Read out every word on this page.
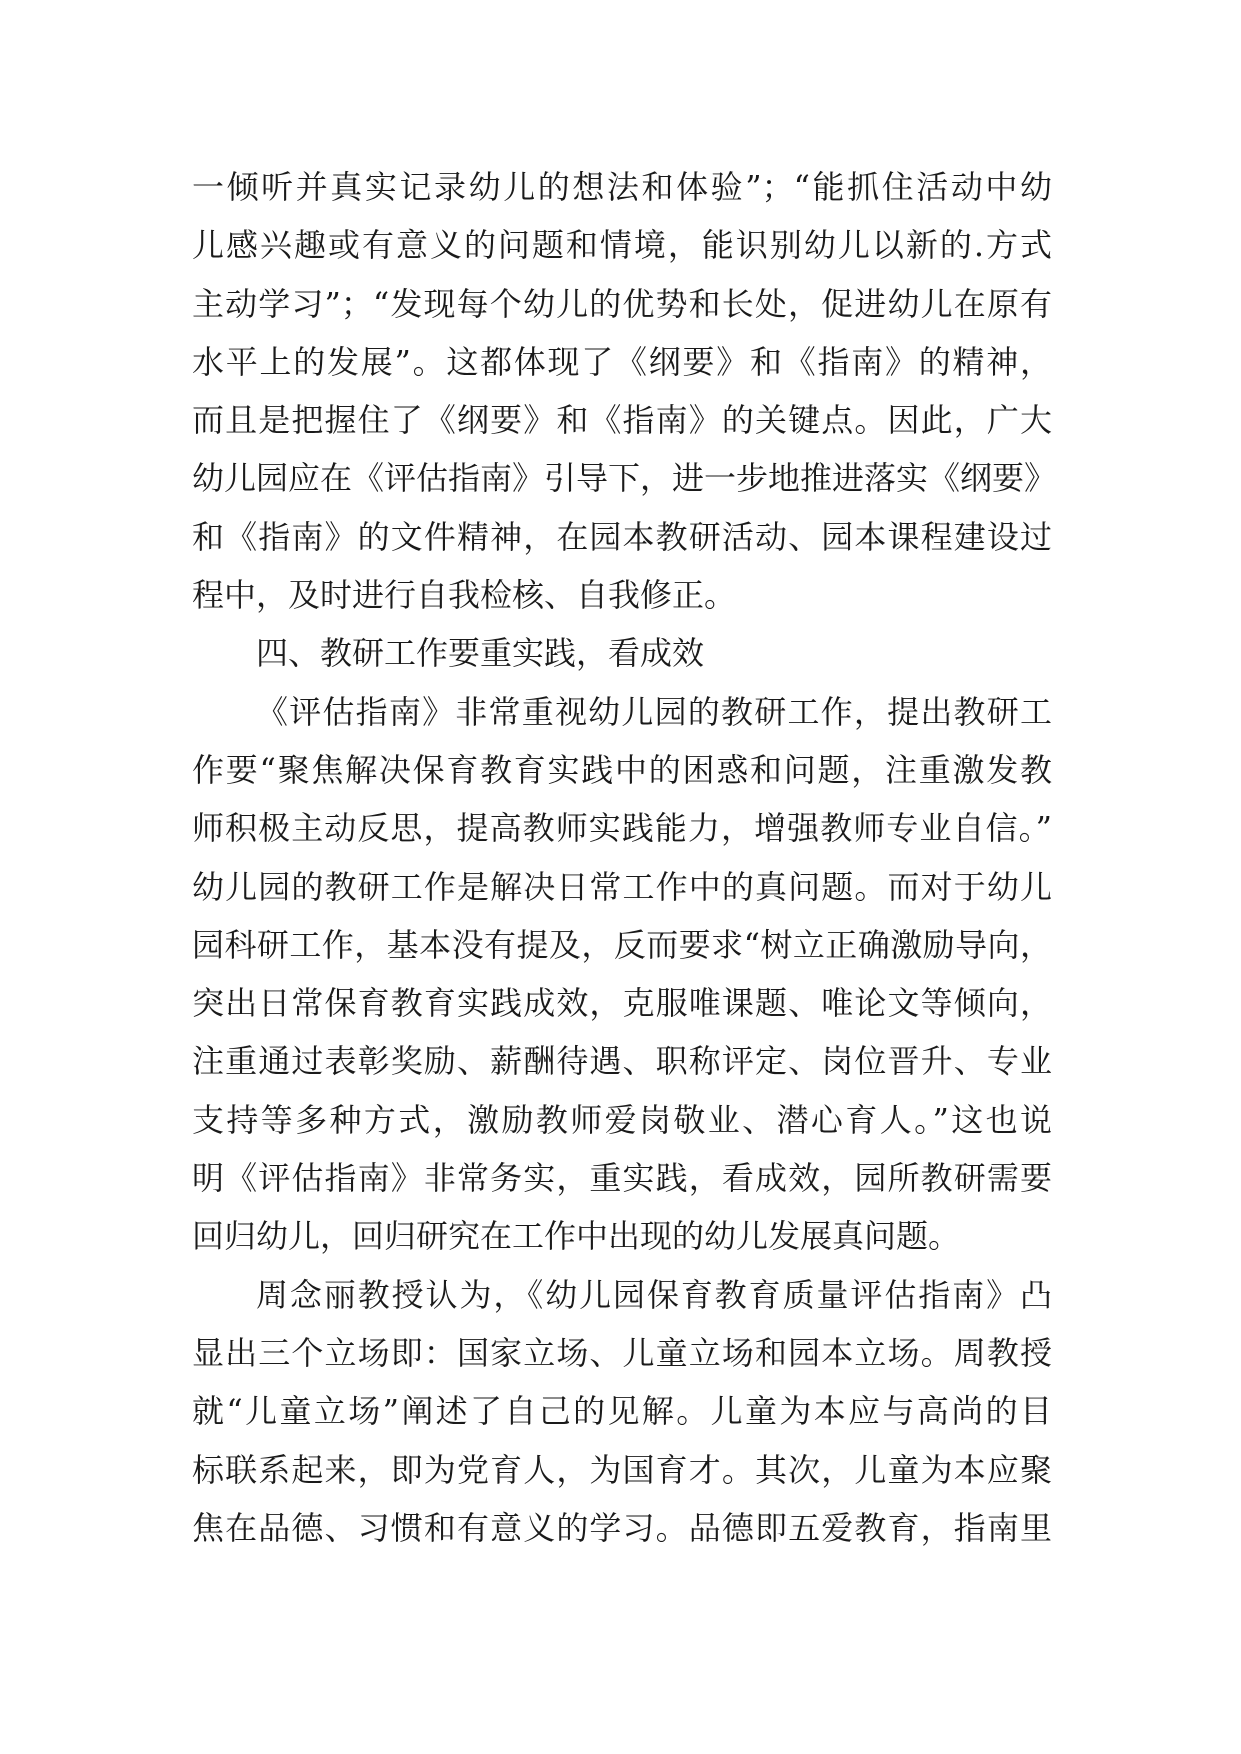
一倾听并真实记录幼儿的想法和体验”；“能抓住活动中幼
儿感兴趣或有意义的问题和情境，能识别幼儿以新的.方式
主动学习”；“发现每个幼儿的优势和长处，促进幼儿在原有
水平上的发展”。这都体现了《纲要》和《指南》的精神，
而且是把握住了《纲要》和《指南》的关键点。因此，广大
幼儿园应在《评估指南》引导下，进一步地推进落实《纲要》
和《指南》的文件精神，在园本教研活动、园本课程建设过
程中，及时进行自我检核、自我修正。
四、教研工作要重实践，看成效
《评估指南》非常重视幼儿园的教研工作，提出教研工
作要“聚焦解决保育教育实践中的困惑和问题，注重激发教
师积极主动反思，提高教师实践能力，增强教师专业自信。”
幼儿园的教研工作是解决日常工作中的真问题。而对于幼儿
园科研工作，基本没有提及，反而要求“树立正确激励导向，
突出日常保育教育实践成效，克服唯课题、唯论文等倾向，
注重通过表彰奖励、薪酬待遇、职称评定、岗位晋升、专业
支持等多种方式，激励教师爱岗敬业、潜心育人。”这也说
明《评估指南》非常务实，重实践，看成效，园所教研需要
回归幼儿，回归研究在工作中出现的幼儿发展真问题。
周念丽教授认为，《幼儿园保育教育质量评估指南》凸
显出三个立场即：国家立场、儿童立场和园本立场。周教授
就“儿童立场”阐述了自己的见解。儿童为本应与高尚的目
标联系起来，即为党育人，为国育才。其次，儿童为本应聚
焦在品德、习惯和有意义的学习。品德即五爱教育，指南里
